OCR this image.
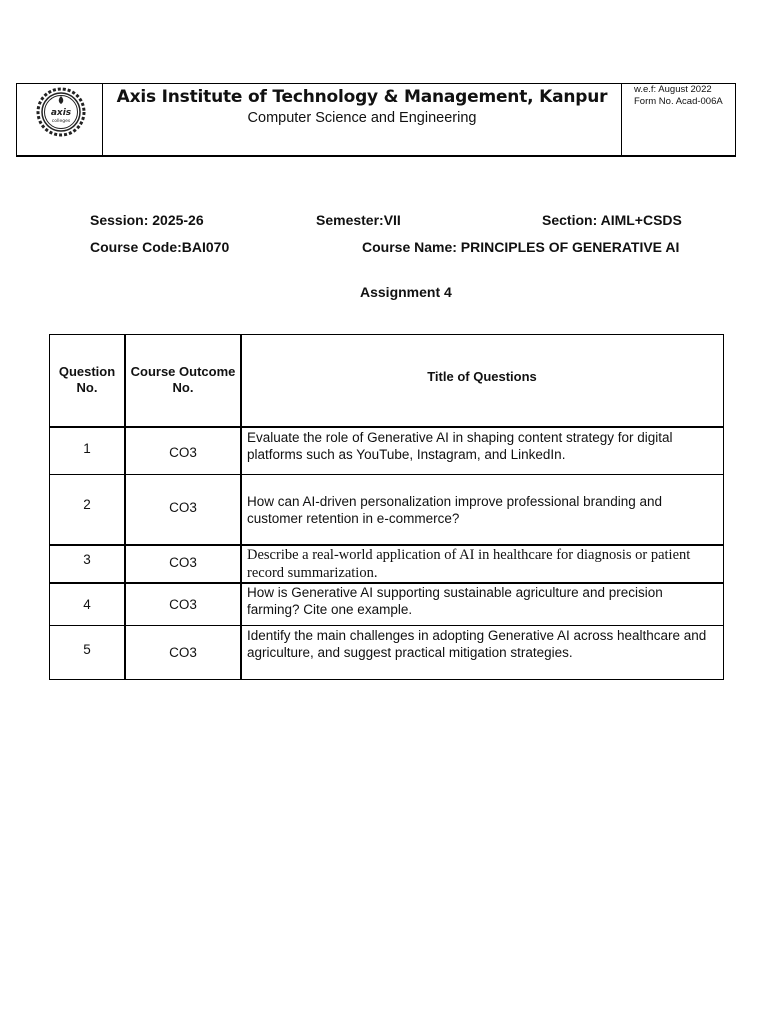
axis
colleges
Axis Institute of Technology & Management, Kanpur
Computer Science and Engineering
w.e.f: August 2022
Form No. Acad-006A
Session: 2025-26	Semester:VII	Section: AIML+CSDS
Course Code:BAI070	Course Name: PRINCIPLES OF GENERATIVE AI
Assignment 4
Question No.	Course Outcome No.	Title of Questions

1	CO3	Evaluate the role of Generative AI in shaping content strategy for digital platforms such as YouTube, Instagram, and LinkedIn.
2	CO3	How can AI-driven personalization improve professional branding and customer retention in e-commerce?
3	CO3	Describe a real-world application of AI in healthcare for diagnosis or patient record summarization.
4	CO3	How is Generative AI supporting sustainable agriculture and precision farming? Cite one example.
5	CO3	Identify the main challenges in adopting Generative AI across healthcare and agriculture, and suggest practical mitigation strategies.
